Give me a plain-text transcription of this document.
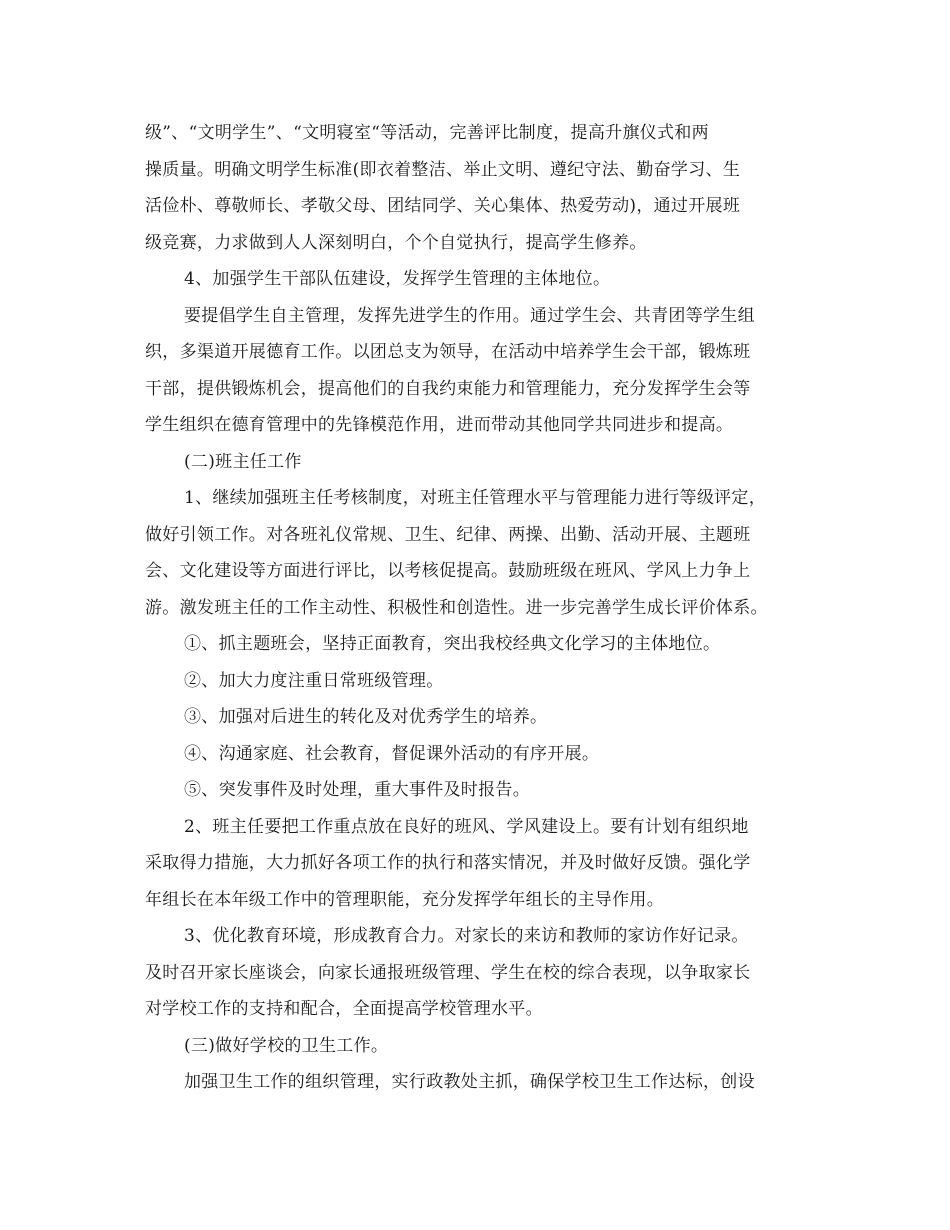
级”、“文明学生”、“文明寝室“等活动，完善评比制度，提高升旗仪式和两
操质量。明确文明学生标准(即衣着整洁、举止文明、遵纪守法、勤奋学习、生
活俭朴、尊敬师长、孝敬父母、团结同学、关心集体、热爱劳动)，通过开展班
级竞赛，力求做到人人深刻明白，个个自觉执行，提高学生修养。
4、加强学生干部队伍建设，发挥学生管理的主体地位。
要提倡学生自主管理，发挥先进学生的作用。通过学生会、共青团等学生组
织，多渠道开展德育工作。以团总支为领导，在活动中培养学生会干部，锻炼班
干部，提供锻炼机会，提高他们的自我约束能力和管理能力，充分发挥学生会等
学生组织在德育管理中的先锋模范作用，进而带动其他同学共同进步和提高。
(二)班主任工作
1、继续加强班主任考核制度，对班主任管理水平与管理能力进行等级评定，
做好引领工作。对各班礼仪常规、卫生、纪律、两操、出勤、活动开展、主题班
会、文化建设等方面进行评比，以考核促提高。鼓励班级在班风、学风上力争上
游。激发班主任的工作主动性、积极性和创造性。进一步完善学生成长评价体系。
①、抓主题班会，坚持正面教育，突出我校经典文化学习的主体地位。
②、加大力度注重日常班级管理。
③、加强对后进生的转化及对优秀学生的培养。
④、沟通家庭、社会教育，督促课外活动的有序开展。
⑤、突发事件及时处理，重大事件及时报告。
2、班主任要把工作重点放在良好的班风、学风建设上。要有计划有组织地
采取得力措施，大力抓好各项工作的执行和落实情况，并及时做好反馈。强化学
年组长在本年级工作中的管理职能，充分发挥学年组长的主导作用。
3、优化教育环境，形成教育合力。对家长的来访和教师的家访作好记录。
及时召开家长座谈会，向家长通报班级管理、学生在校的综合表现，以争取家长
对学校工作的支持和配合，全面提高学校管理水平。
(三)做好学校的卫生工作。
加强卫生工作的组织管理，实行政教处主抓，确保学校卫生工作达标，创设
